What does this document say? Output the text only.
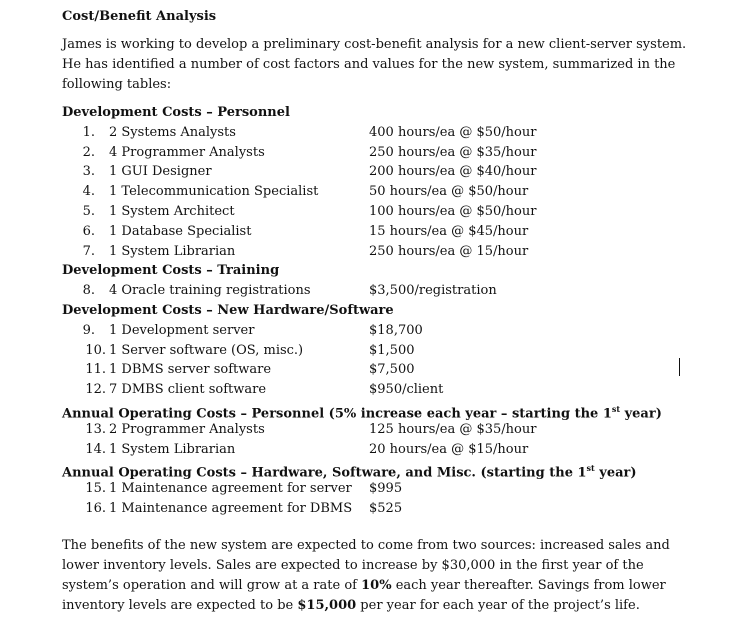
Cost/Benefit Analysis
James is working to develop a preliminary cost-benefit analysis for a new client-server system. He has identified a number of cost factors and values for the new system, summarized in the following tables:
Development Costs – Personnel
1. 2 Systems Analysts	400 hours/ea @ $50/hour
2. 4 Programmer Analysts	250 hours/ea @ $35/hour
3. 1 GUI Designer	200 hours/ea @ $40/hour
4. 1 Telecommunication Specialist	50 hours/ea @ $50/hour
5. 1 System Architect	100 hours/ea @ $50/hour
6. 1 Database Specialist	15 hours/ea @ $45/hour
7. 1 System Librarian	250 hours/ea @ 15/hour
Development Costs – Training
8. 4 Oracle training registrations	$3,500/registration
Development Costs – New Hardware/Software
9. 1 Development server	$18,700
10. 1 Server software (OS, misc.)	$1,500
11. 1 DBMS server software	$7,500
12. 7 DMBS client software	$950/client
Annual Operating Costs – Personnel (5% increase each year – starting the 1st year)
13. 2 Programmer Analysts	125 hours/ea @ $35/hour
14. 1 System Librarian	20 hours/ea @ $15/hour
Annual Operating Costs – Hardware, Software, and Misc. (starting the 1st year)
15. 1 Maintenance agreement for server $995
16. 1 Maintenance agreement for DBMS $525
The benefits of the new system are expected to come from two sources: increased sales and lower inventory levels. Sales are expected to increase by $30,000 in the first year of the system’s operation and will grow at a rate of 10% each year thereafter. Savings from lower inventory levels are expected to be $15,000 per year for each year of the project’s life.
